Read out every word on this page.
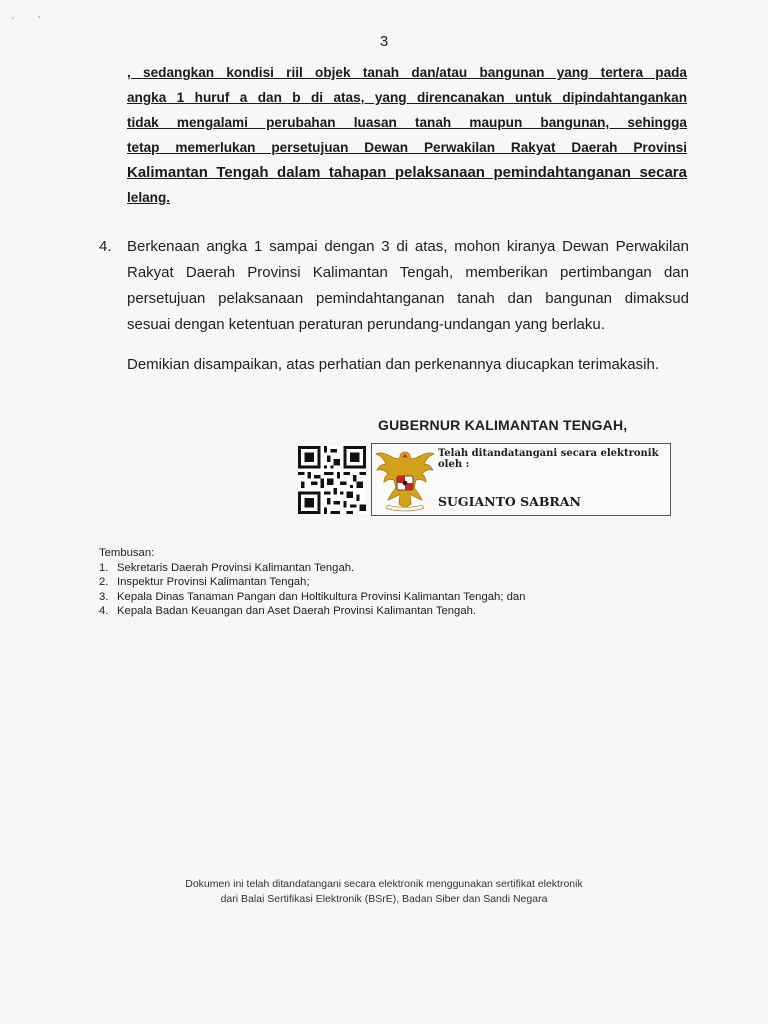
3
, sedangkan kondisi riil objek tanah dan/atau bangunan yang tertera pada
angka 1 huruf a dan b di atas, yang direncanakan untuk dipindahtangankan
tidak mengalami perubahan luasan tanah maupun bangunan, sehingga
tetap memerlukan persetujuan Dewan Perwakilan Rakyat Daerah Provinsi
Kalimantan Tengah dalam tahapan pelaksanaan pemindahtanganan secara
lelang.
4. Berkenaan angka 1 sampai dengan 3 di atas, mohon kiranya Dewan Perwakilan
Rakyat Daerah Provinsi Kalimantan Tengah, memberikan pertimbangan dan
persetujuan pelaksanaan pemindahtanganan tanah dan bangunan dimaksud
sesuai dengan ketentuan peraturan perundang-undangan yang berlaku.
Demikian disampaikan, atas perhatian dan perkenannya diucapkan terimakasih.
GUBERNUR KALIMANTAN TENGAH,
Telah ditandatangani secara elektronik oleh :
SUGIANTO SABRAN
Tembusan:
1. Sekretaris Daerah Provinsi Kalimantan Tengah.
2. Inspektur Provinsi Kalimantan Tengah;
3. Kepala Dinas Tanaman Pangan dan Holtikultura Provinsi Kalimantan Tengah; dan
4. Kepala Badan Keuangan dan Aset Daerah Provinsi Kalimantan Tengah.
Dokumen ini telah ditandatangani secara elektronik menggunakan sertifikat elektronik
dari Balai Sertifikasi Elektronik (BSrE), Badan Siber dan Sandi Negara
